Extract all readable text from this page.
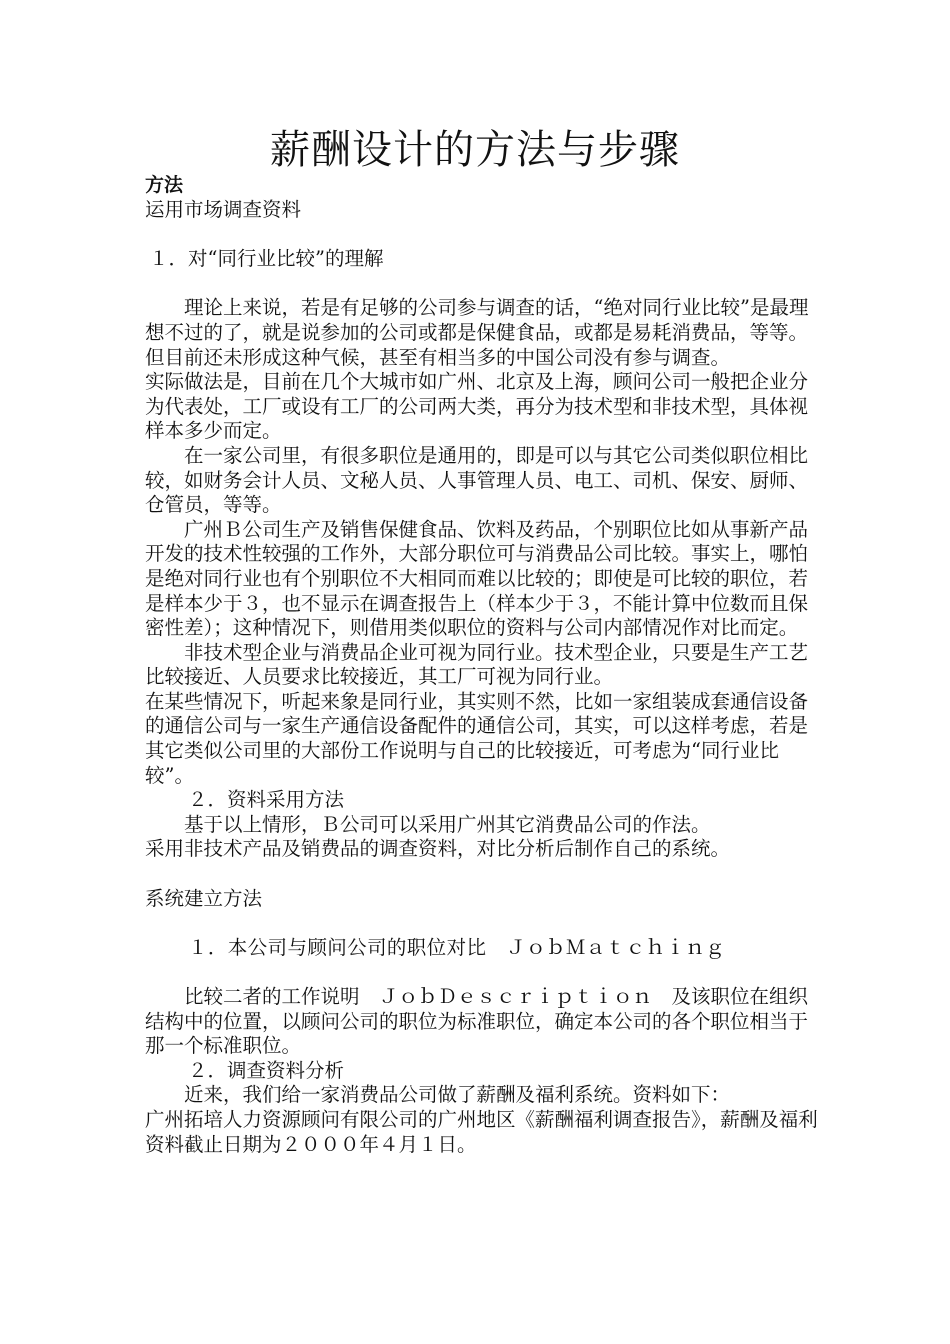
薪酬设计的方法与步骤
方法

运用市场调查资料

１．对“同行业比较”的理解

理论上来说，若是有足够的公司参与调查的话，“绝对同行业比较”是最理想不过的了，就是说参加的公司或都是保健食品，或都是易耗消费品，等等。但目前还未形成这种气候，甚至有相当多的中国公司没有参与调查。

实际做法是，目前在几个大城市如广州、北京及上海，顾问公司一般把企业分为代表处，工厂或设有工厂的公司两大类，再分为技术型和非技术型，具体视样本多少而定。

在一家公司里，有很多职位是通用的，即是可以与其它公司类似职位相比较，如财务会计人员、文秘人员、人事管理人员、电工、司机、保安、厨师、仓管员，等等。

广州Ｂ公司生产及销售保健食品、饮料及药品，个别职位比如从事新产品开发的技术性较强的工作外，大部分职位可与消费品公司比较。事实上，哪怕是绝对同行业也有个别职位不大相同而难以比较的；即使是可比较的职位，若是样本少于３，也不显示在调查报告上（样本少于３，不能计算中位数而且保密性差）；这种情况下，则借用类似职位的资料与公司内部情况作对比而定。

非技术型企业与消费品企业可视为同行业。技术型企业，只要是生产工艺比较接近、人员要求比较接近，其工厂可视为同行业。

在某些情况下，听起来象是同行业，其实则不然，比如一家组装成套通信设备的通信公司与一家生产通信设备配件的通信公司，其实，可以这样考虑，若是其它类似公司里的大部份工作说明与自己的比较接近，可考虑为“同行业比较”。

２．资料采用方法

基于以上情形，Ｂ公司可以采用广州其它消费品公司的作法。

采用非技术产品及销费品的调查资料，对比分析后制作自己的系统。

系统建立方法

１．本公司与顾问公司的职位对比　ＪｏｂＭａｔｃｈｉｎｇ

比较二者的工作说明　ＪｏｂＤｅｓｃｒｉｐｔｉｏｎ　及该职位在组织结构中的位置，以顾问公司的职位为标准职位，确定本公司的各个职位相当于那一个标准职位。

２．调查资料分析

近来，我们给一家消费品公司做了薪酬及福利系统。资料如下：

广州拓培人力资源顾问有限公司的广州地区《薪酬福利调查报告》，薪酬及福利资料截止日期为２０００年４月１日。
